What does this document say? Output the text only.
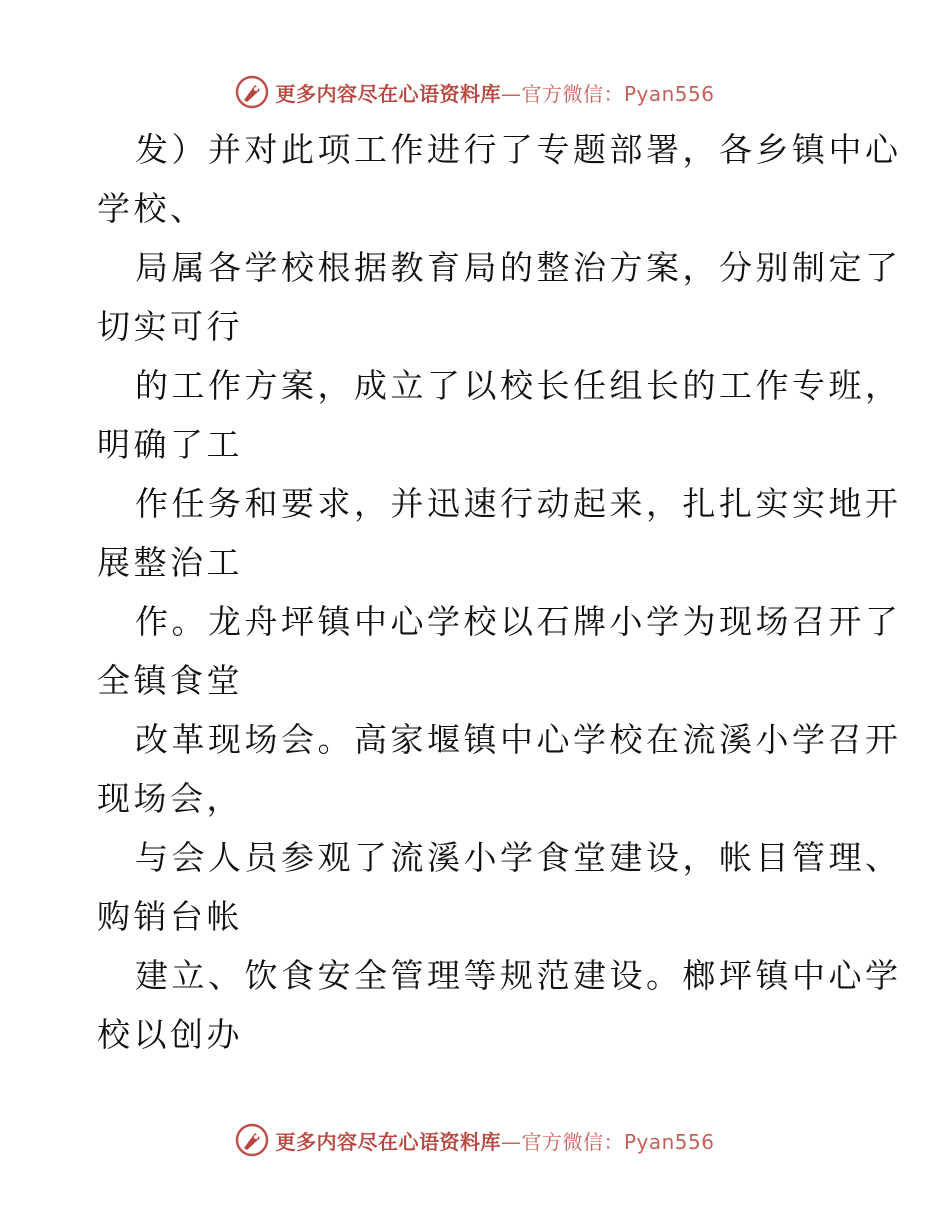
更多内容尽在心语资料库—官方微信：Pyan556
发）并对此项工作进行了专题部署，各乡镇中心
学校、
局属各学校根据教育局的整治方案，分别制定了
切实可行
的工作方案，成立了以校长任组长的工作专班，
明确了工
作任务和要求，并迅速行动起来，扎扎实实地开
展整治工
作。龙舟坪镇中心学校以石牌小学为现场召开了
全镇食堂
改革现场会。高家堰镇中心学校在流溪小学召开
现场会，
与会人员参观了流溪小学食堂建设，帐目管理、
购销台帐
建立、饮食安全管理等规范建设。榔坪镇中心学
校以创办
更多内容尽在心语资料库—官方微信：Pyan556
